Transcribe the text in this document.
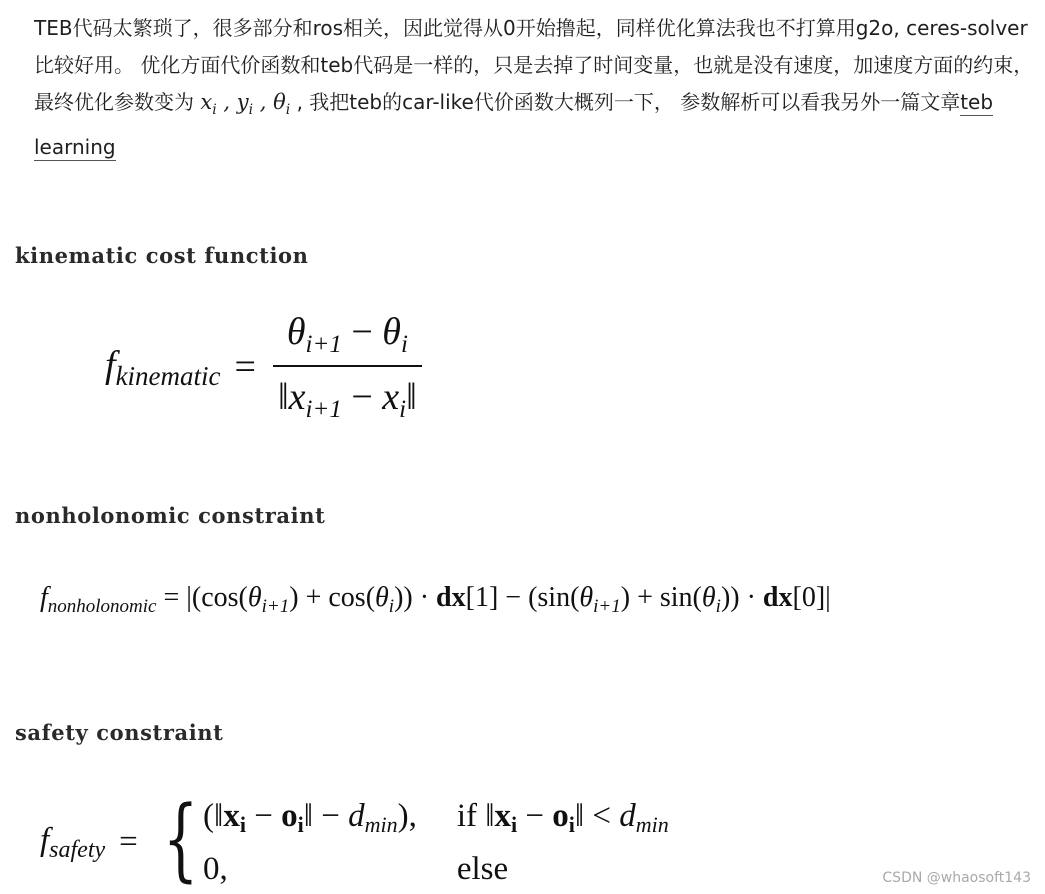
TEB代码太繁琐了，很多部分和ros相关，因此觉得从0开始撸起，同样优化算法我也不打算用g2o, ceres-solver比较好用。 优化方面代价函数和teb代码是一样的，只是去掉了时间变量，也就是没有速度，加速度方面的约束，最终优化参数变为 $x_i$ , $y_i$ , $\theta_i$ , 我把teb的car-like代价函数大概列一下， 参数解析可以看我另外一篇文章teb learning

kinematic cost function
$f_{kinematic} = \frac{\theta_{i+1} - \theta_i}{‖x_{i+1} - x_i‖}$
nonholonomic constraint
$f_{nonholonomic} = |(\cos(\theta_{i+1}) + \cos(\theta_i)) \cdot dx[1] - (\sin(\theta_{i+1}) + \sin(\theta_i)) \cdot dx[0]|$
safety constraint
$f_{safety}$ = { ($‖x_i$ − $o_i‖ - d_{min}$), if $‖x_i$ − $o_i‖ < d_{min}$
0,	else	CSDN @whaosoft143
